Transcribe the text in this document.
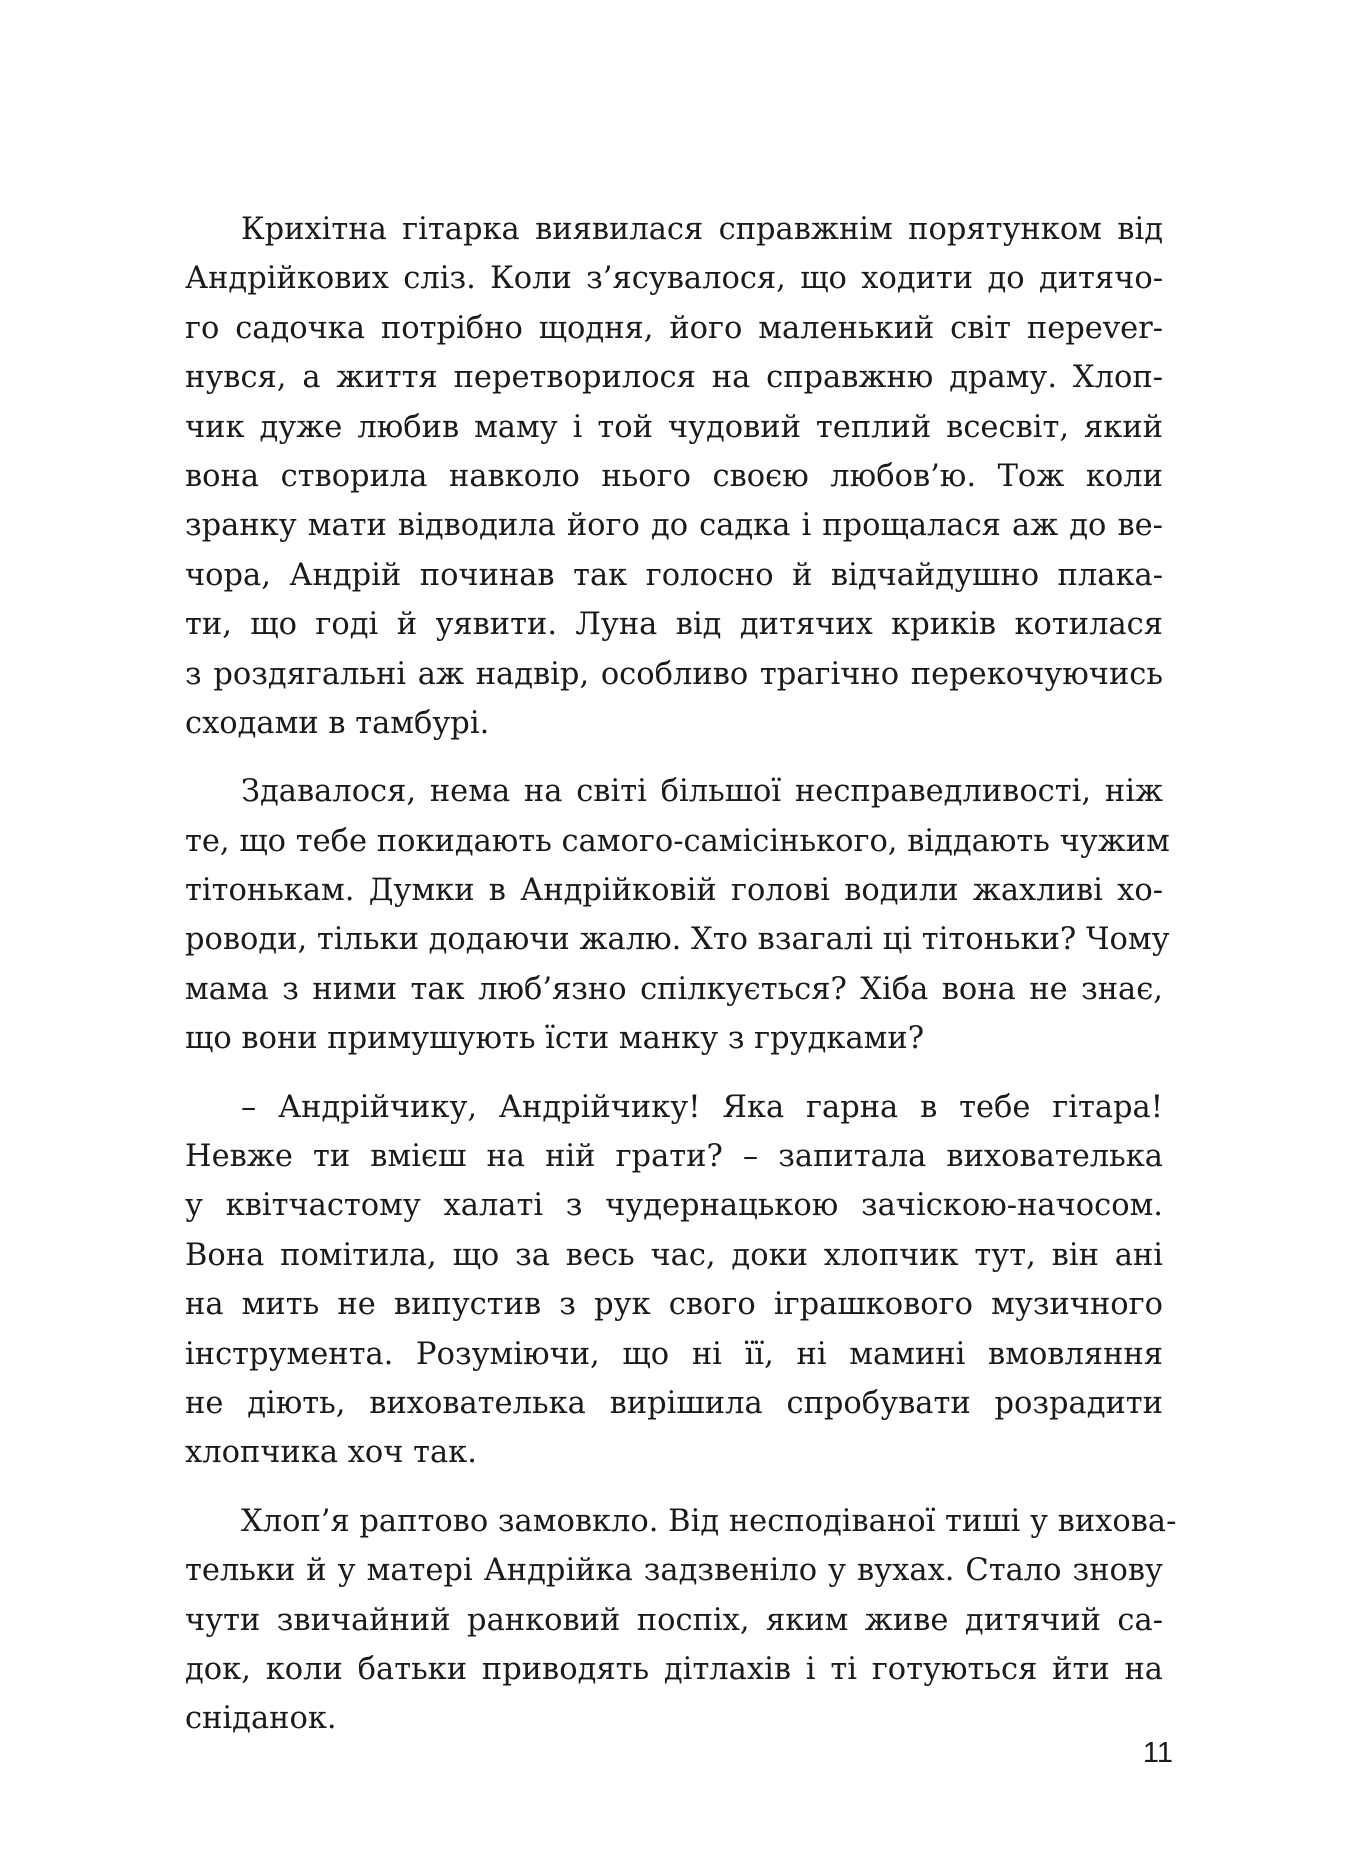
Крихітна гітарка виявилася справжнім порятунком від
Андрійкових сліз. Коли з’ясувалося, що ходити до дитячо-
го садочка потрібно щодня, його маленький світ переver-
нувся, а життя перетворилося на справжню драму. Хлоп-
чик дуже любив маму і той чудовий теплий всесвіт, який
вона створила навколо нього своєю любов’ю. Тож коли
зранку мати відводила його до садка і прощалася аж до ве-
чора, Андрій починав так голосно й відчайдушно плака-
ти, що годі й уявити. Луна від дитячих криків котилася
з роздягальні аж надвір, особливо трагічно перекочуючись
сходами в тамбурі.

Здавалося, нема на світі більшої несправедливості, ніж
те, що тебе покидають самого-самісінького, віддають чужим
тітонькам. Думки в Андрійковій голові водили жахливі хо-
роводи, тільки додаючи жалю. Хто взагалі ці тітоньки? Чому
мама з ними так люб’язно спілкується? Хіба вона не знає,
що вони примушують їсти манку з грудками?

– Андрійчику, Андрійчику! Яка гарна в тебе гітара!
Невже ти вмієш на ній грати? – запитала вихователька
у квітчастому халаті з чудернацькою зачіскою-начосом.
Вона помітила, що за весь час, доки хлопчик тут, він ані
на мить не випустив з рук свого іграшкового музичного
інструмента. Розуміючи, що ні її, ні мамині вмовляння
не діють, вихователька вирішила спробувати розрадити
хлопчика хоч так.

Хлоп’я раптово замовкло. Від несподіваної тиші у вихова-
тельки й у матері Андрійка задзвеніло у вухах. Стало знову
чути звичайний ранковий поспіх, яким живе дитячий са-
док, коли батьки приводять дітлахів і ті готуються йти на
сніданок.

11
